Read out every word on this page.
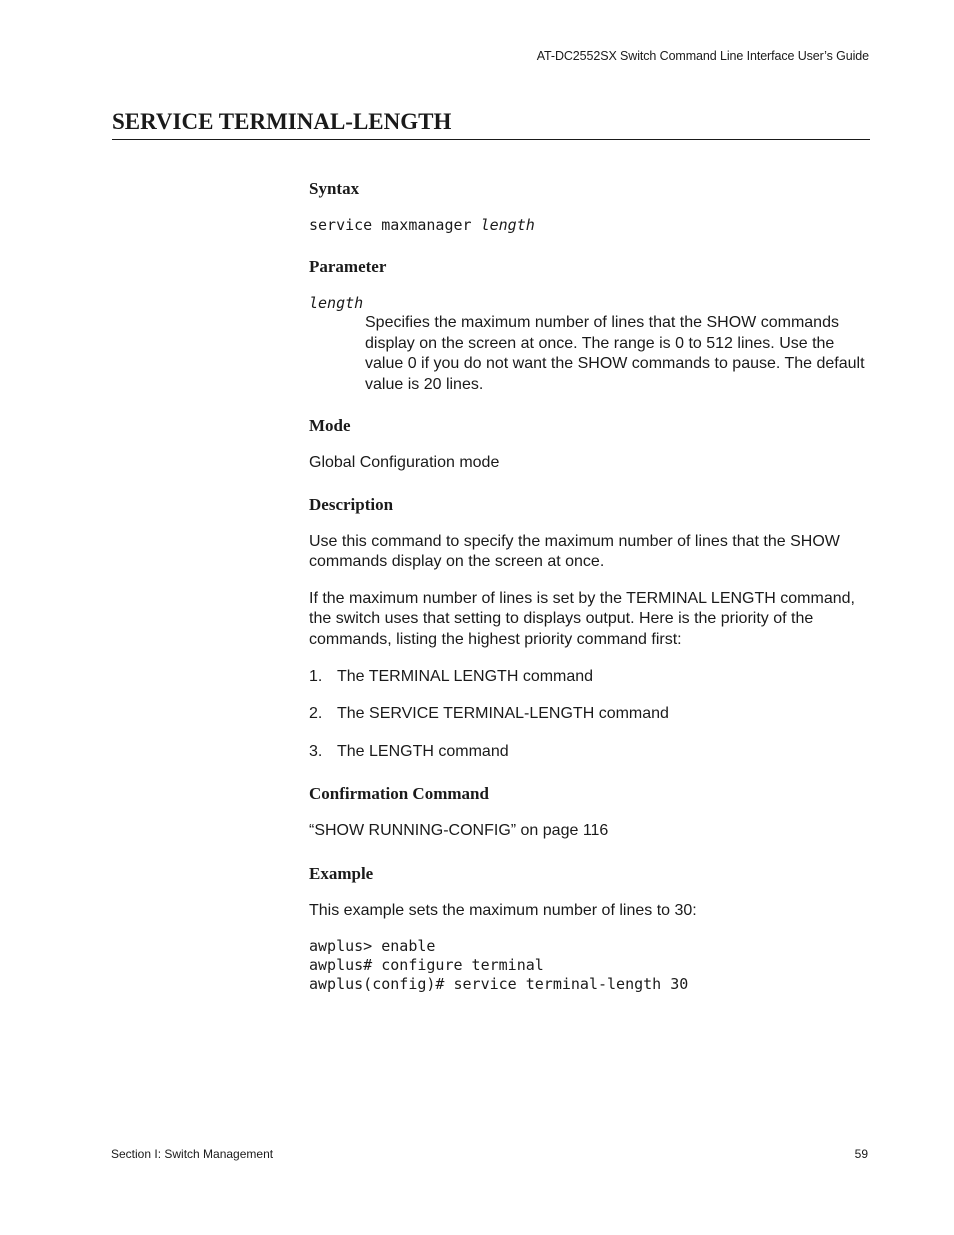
AT-DC2552SX Switch Command Line Interface User’s Guide
SERVICE TERMINAL-LENGTH
Syntax

service maxmanager length

Parameter

length

Specifies the maximum number of lines that the SHOW commands display on the screen at once. The range is 0 to 512 lines. Use the value 0 if you do not want the SHOW commands to pause. The default value is 20 lines.

Mode

Global Configuration mode

Description

Use this command to specify the maximum number of lines that the SHOW commands display on the screen at once.

If the maximum number of lines is set by the TERMINAL LENGTH command, the switch uses that setting to displays output. Here is the priority of the commands, listing the highest priority command first:

1. The TERMINAL LENGTH command
2. The SERVICE TERMINAL-LENGTH command
3. The LENGTH command
Confirmation Command

“SHOW RUNNING-CONFIG” on page 116

Example

This example sets the maximum number of lines to 30:

awplus> enable

awplus# configure terminal

awplus(config)# service terminal-length 30

Section I: Switch Management	59
